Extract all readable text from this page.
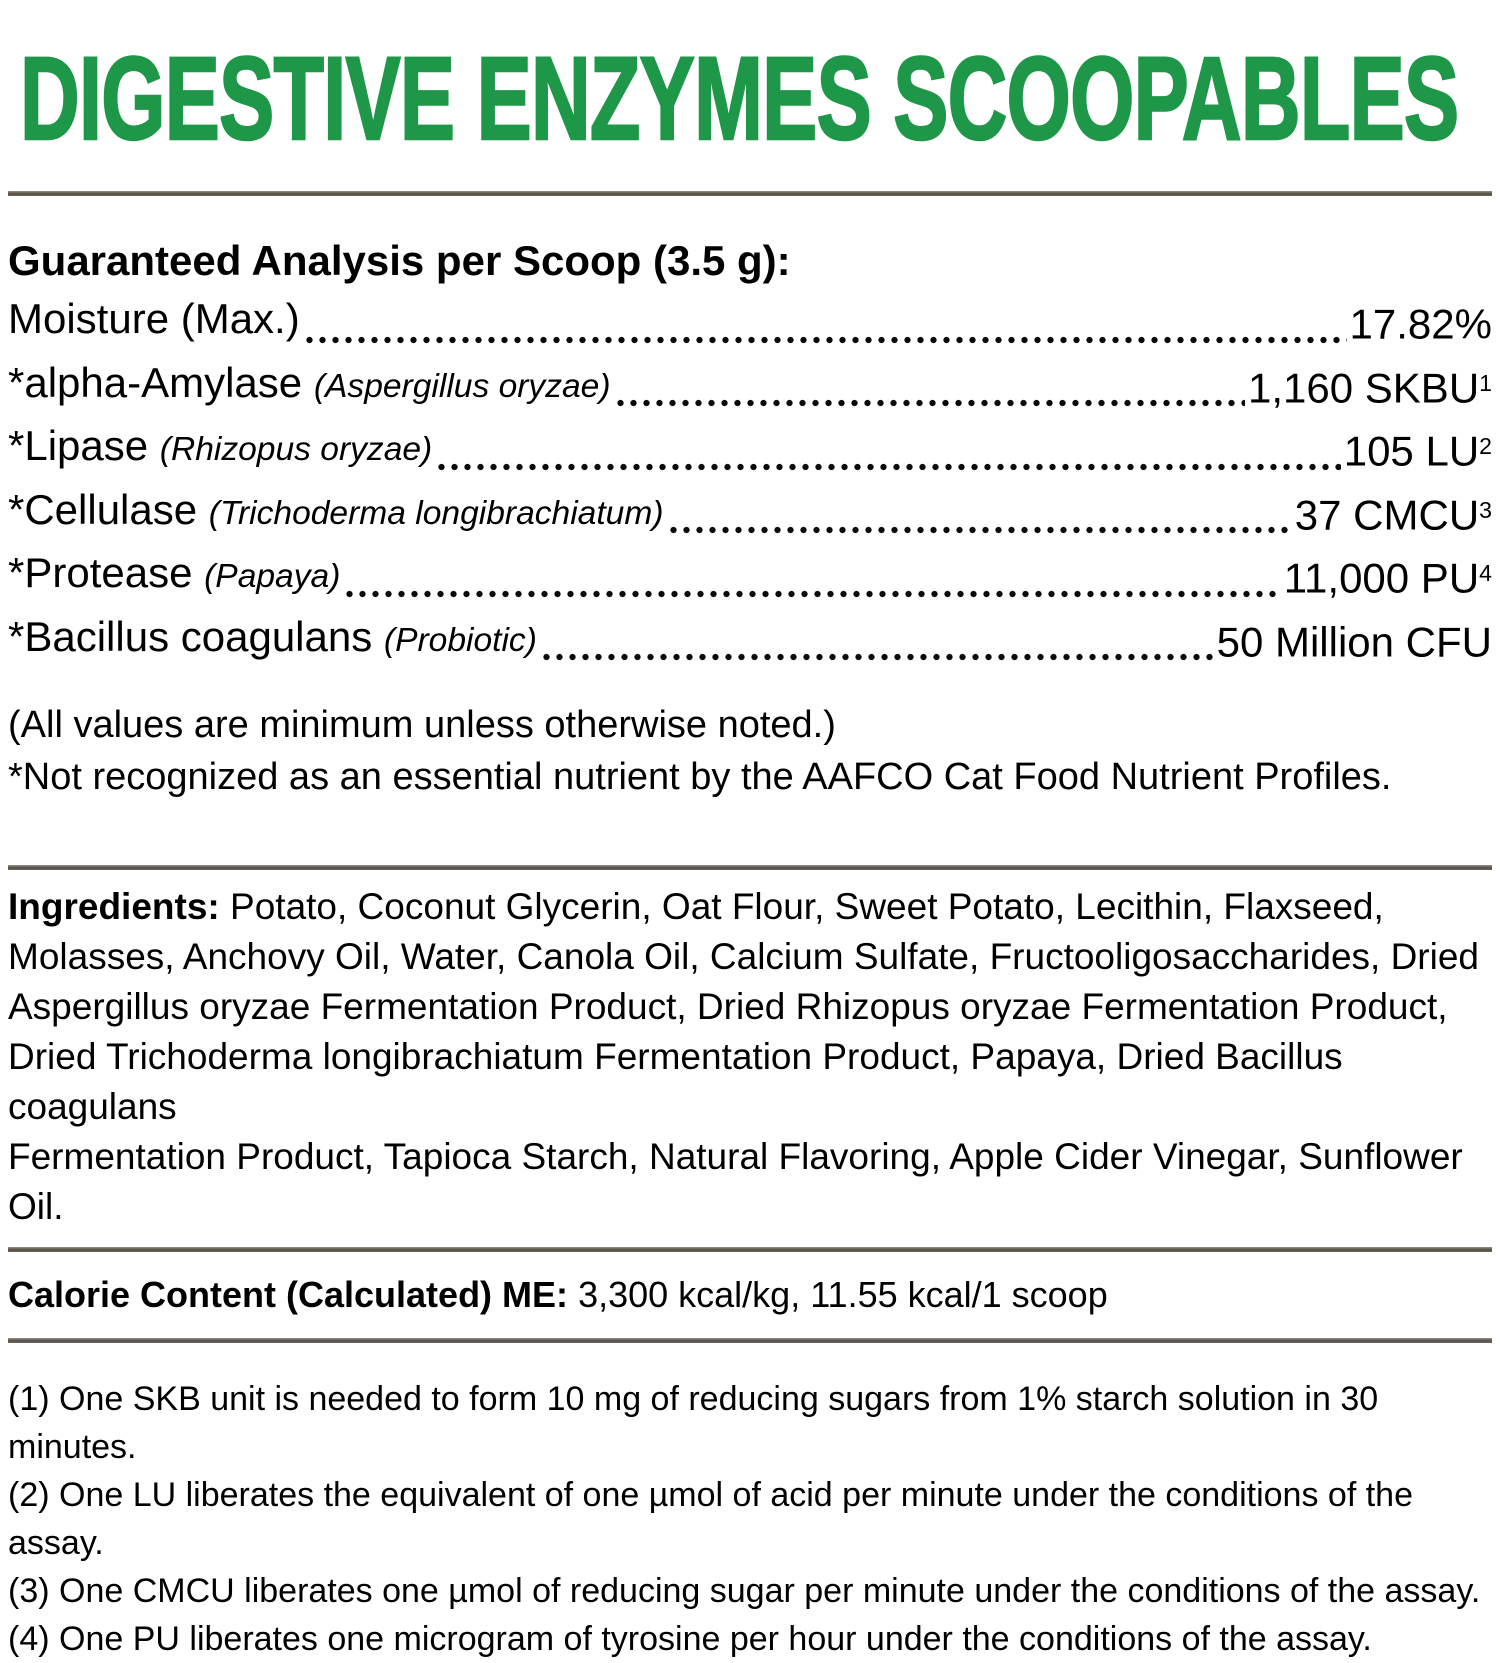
DIGESTIVE ENZYMES SCOOPABLES
Guaranteed Analysis per Scoop (3.5 g):
Moisture (Max.)	17.82%
*alpha-Amylase (Aspergillus oryzae)	1,160 SKBU$^1$
*Lipase (Rhizopus oryzae)	105 $LU^2$
*Cellulase (Trichoderma longibrachiatum)	37 CMCU$^3$
*Protease (Papaya)	11,000 $PU^4$
*Bacillus coagulans (Probiotic)	50 Million CFU
(All values are minimum unless otherwise noted.)
*Not recognized as an essential nutrient by the AAFCO Cat Food Nutrient Profiles.
Ingredients: Potato, Coconut Glycerin, Oat Flour, Sweet Potato, Lecithin, Flaxseed,
Molasses, Anchovy Oil, Water, Canola Oil, Calcium Sulfate, Fructooligosaccharides, Dried
Aspergillus oryzae Fermentation Product, Dried Rhizopus oryzae Fermentation Product,
Dried Trichoderma longibrachiatum Fermentation Product, Papaya, Dried Bacillus coagulans
Fermentation Product, Tapioca Starch, Natural Flavoring, Apple Cider Vinegar, Sunflower Oil.
Calorie Content (Calculated) ME: 3,300 kcal/kg, 11.55 kcal/1 scoop
(1) One SKB unit is needed to form 10 mg of reducing sugars from 1% starch solution in 30 minutes.
(2) One LU liberates the equivalent of one µmol of acid per minute under the conditions of the assay.
(3) One CMCU liberates one µmol of reducing sugar per minute under the conditions of the assay.
(4) One PU liberates one microgram of tyrosine per hour under the conditions of the assay.
